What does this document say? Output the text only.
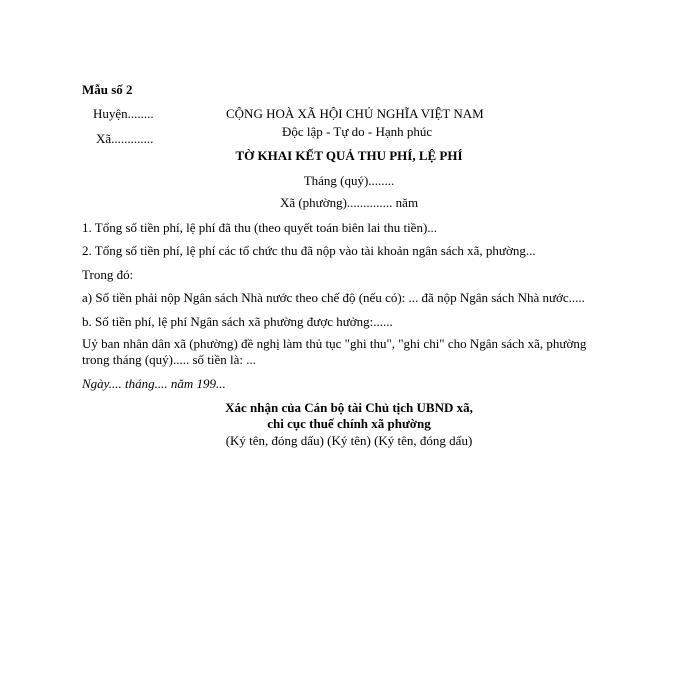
Mẫu số 2
Huyện........
Xã.............
CỘNG HOÀ XÃ HỘI CHỦ NGHĨA VIỆT NAM
Độc lập - Tự do - Hạnh phúc
TỜ KHAI KẾT QUẢ THU PHÍ, LỆ PHÍ
Tháng (quý)........
Xã (phường).............. năm
1. Tổng số tiền phí, lệ phí đã thu (theo quyết toán biên lai thu tiền)...
2. Tổng số tiền phí, lệ phí các tổ chức thu đã nộp vào tài khoản ngân sách xã, phường...
Trong đó:
a) Số tiền phải nộp Ngân sách Nhà nước theo chế độ (nếu có): ... đã nộp Ngân sách Nhà nước.....
b. Số tiền phí, lệ phí Ngân sách xã phường được hưởng:......
Uỷ ban nhân dân xã (phường) đề nghị làm thủ tục "ghi thu", "ghi chi" cho Ngân sách xã, phường trong tháng (quý)..... số tiền là: ...
Ngày.... tháng.... năm 199...
Xác nhận của Cán bộ tài Chủ tịch UBND xã,
chi cục thuế chính xã phường
(Ký tên, đóng dấu) (Ký tên) (Ký tên, đóng dấu)
